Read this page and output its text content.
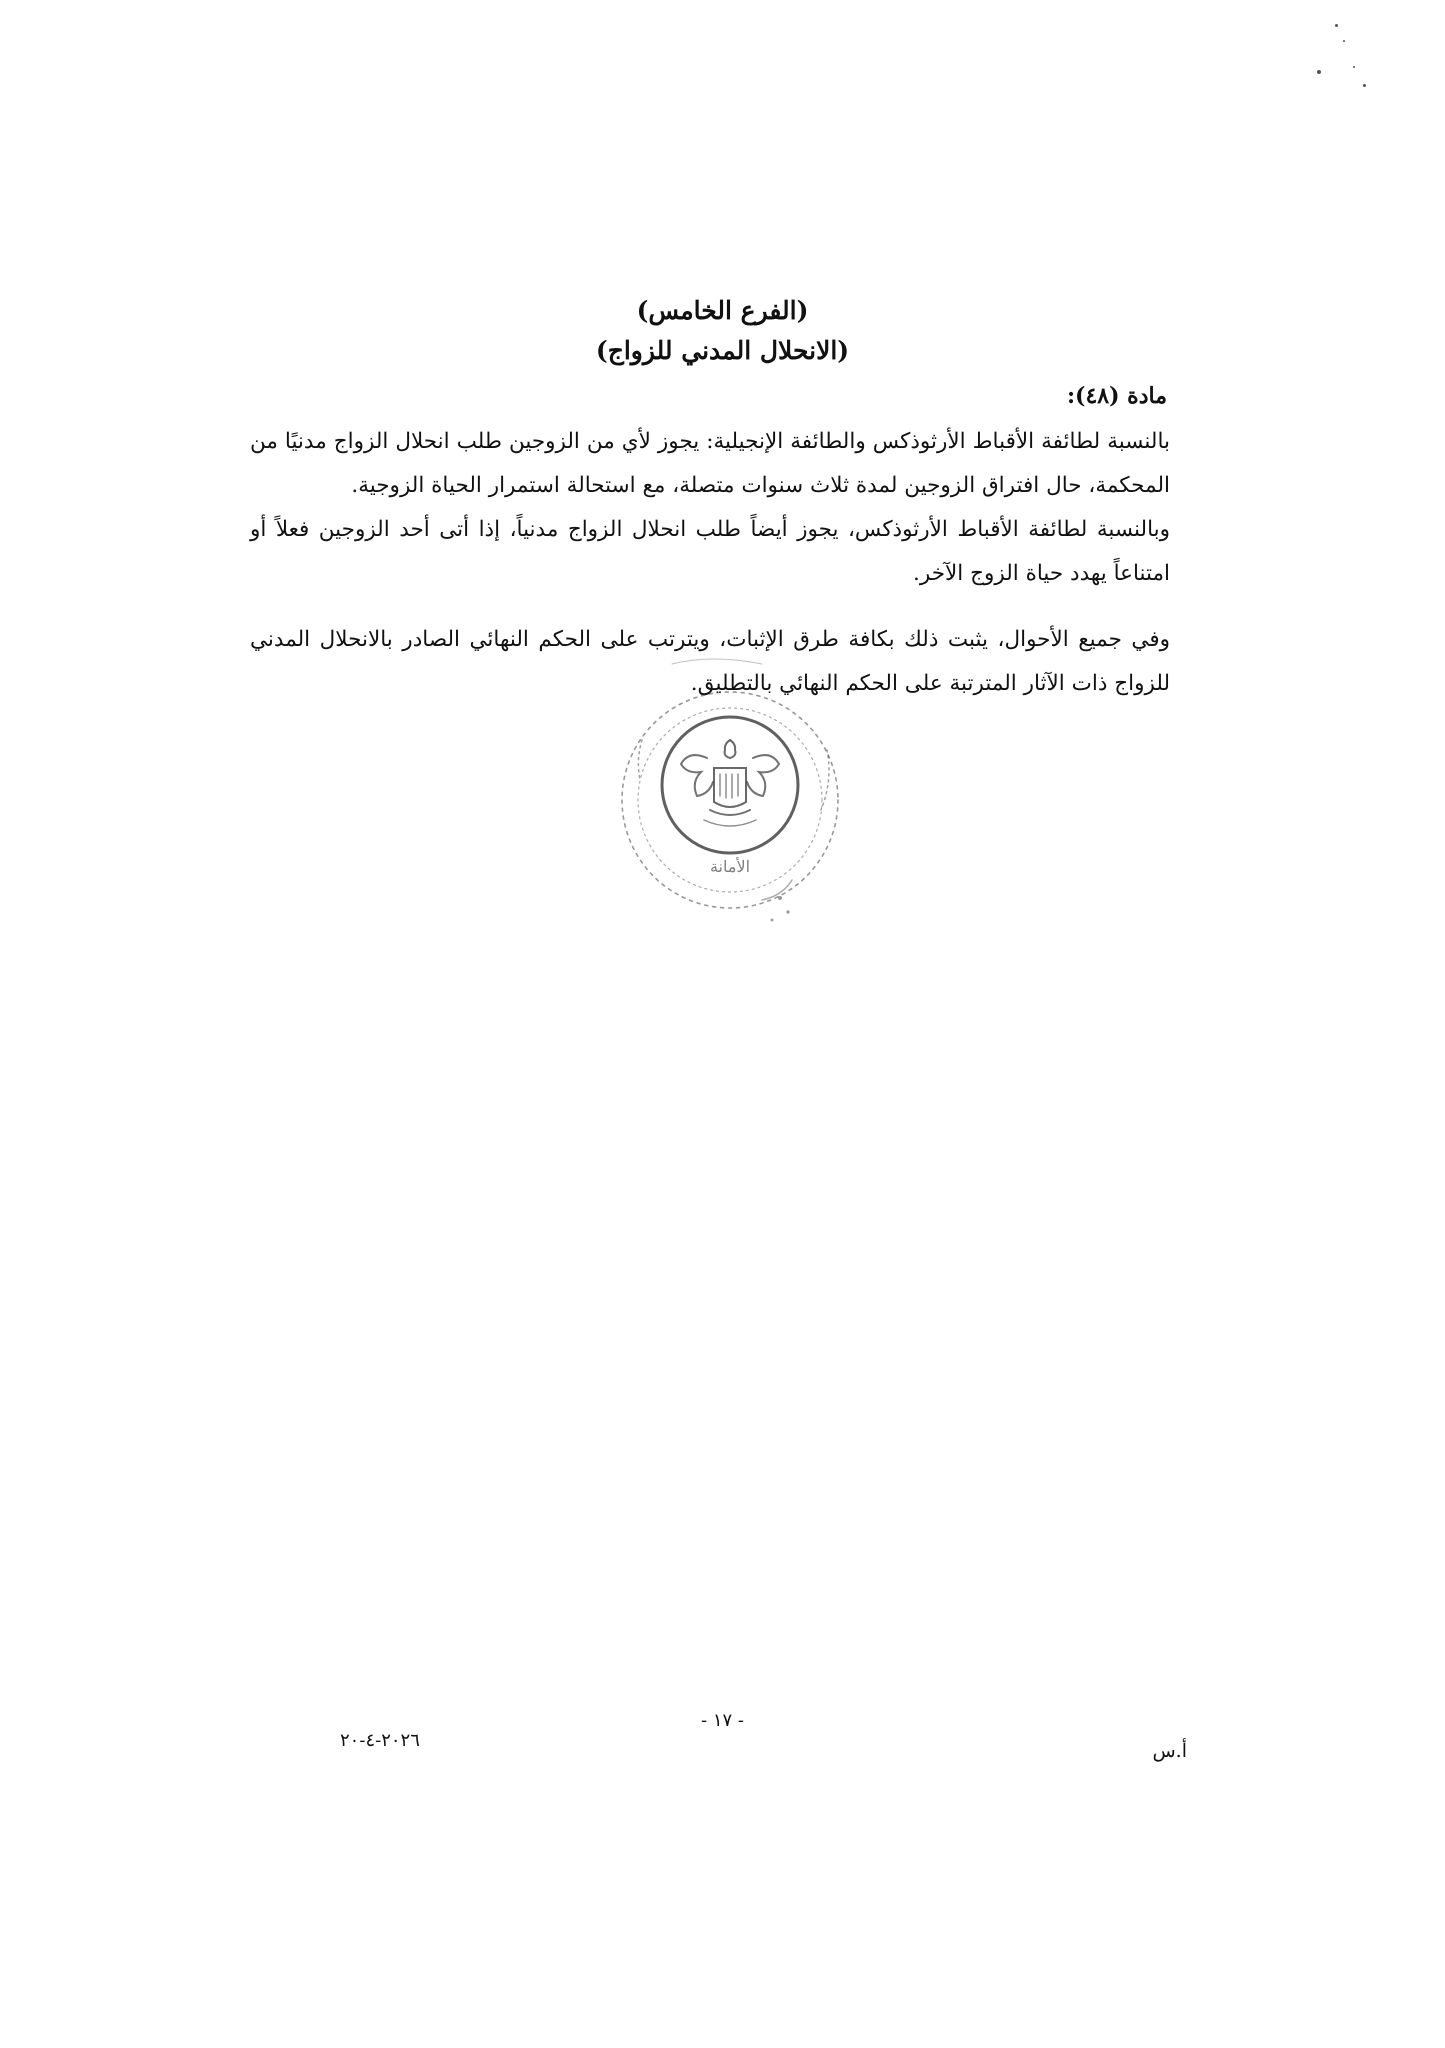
(الفرع الخامس)
(الانحلال المدني للزواج)
مادة (٤٨):

بالنسبة لطائفة الأقباط الأرثوذكس والطائفة الإنجيلية: يجوز لأي من الزوجين طلب انحلال الزواج مدنيًا من المحكمة، حال افتراق الزوجين لمدة ثلاث سنوات متصلة، مع استحالة استمرار الحياة الزوجية.

وبالنسبة لطائفة الأقباط الأرثوذكس، يجوز أيضاً طلب انحلال الزواج مدنياً، إذا أتى أحد الزوجين فعلاً أو امتناعاً يهدد حياة الزوج الآخر.

وفي جميع الأحوال، يثبت ذلك بكافة طرق الإثبات، ويترتب على الحكم النهائي الصادر بالانحلال المدني للزواج ذات الآثار المترتبة على الحكم النهائي بالتطليق.

الأمانة
- ١٧ -
٢٠٢٦-٤-٢٠	أ.س
